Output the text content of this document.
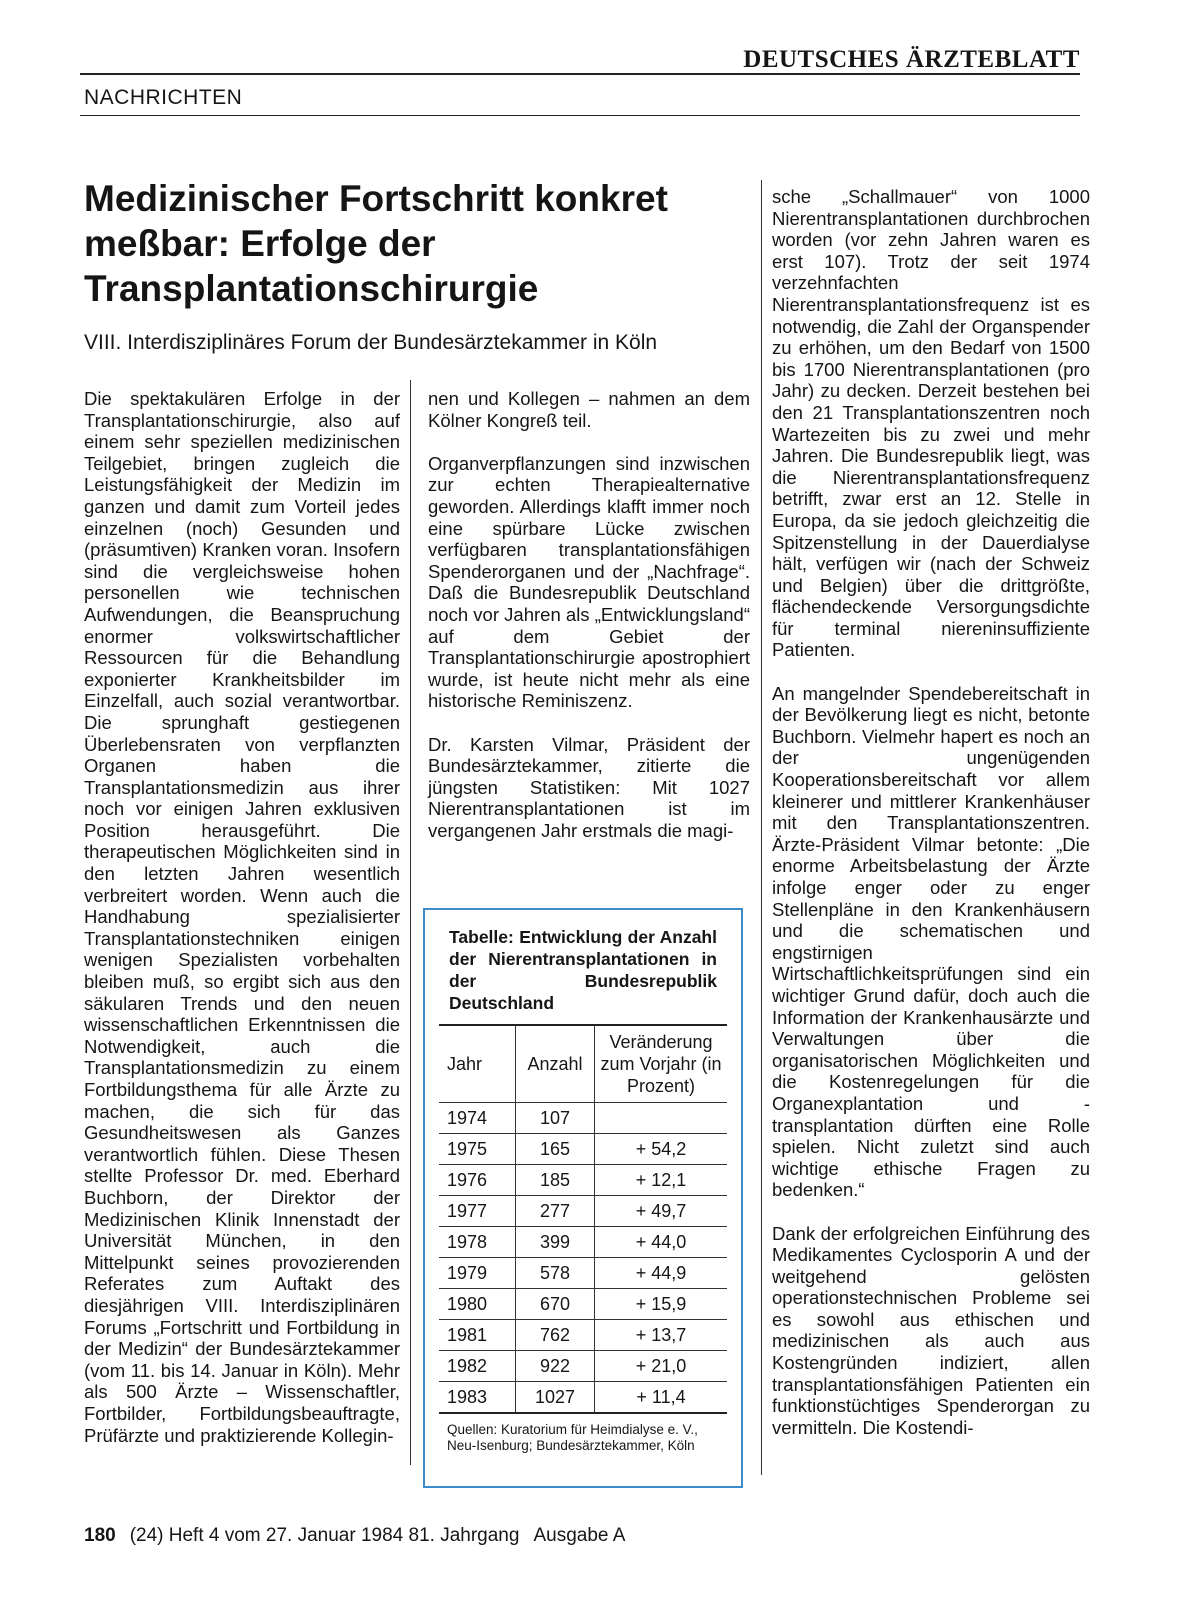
DEUTSCHES ÄRZTEBLATT
NACHRICHTEN
Medizinischer Fortschritt konkret meßbar: Erfolge der Transplantationschirurgie
VIII. Interdisziplinäres Forum der Bundesärztekammer in Köln

Die spektakulären Erfolge in der Transplantationschirurgie, also auf einem sehr speziellen medizinischen Teilgebiet, bringen zugleich die Leistungsfähigkeit der Medizin im ganzen und damit zum Vorteil jedes einzelnen (noch) Gesunden und (präsumtiven) Kranken voran. Insofern sind die vergleichsweise hohen personellen wie technischen Aufwendungen, die Beanspruchung enormer volkswirtschaftlicher Ressourcen für die Behandlung exponierter Krankheitsbilder im Einzelfall, auch sozial verantwortbar. Die sprunghaft gestiegenen Überlebensraten von verpflanzten Organen haben die Transplantationsmedizin aus ihrer noch vor einigen Jahren exklusiven Position herausgeführt. Die therapeutischen Möglichkeiten sind in den letzten Jahren wesentlich verbreitert worden. Wenn auch die Handhabung spezialisierter Transplantationstechniken einigen wenigen Spezialisten vorbehalten bleiben muß, so ergibt sich aus den säkularen Trends und den neuen wissenschaftlichen Erkenntnissen die Notwendigkeit, auch die Transplantationsmedizin zu einem Fortbildungsthema für alle Ärzte zu machen, die sich für das Gesundheitswesen als Ganzes verantwortlich fühlen. Diese Thesen stellte Professor Dr. med. Eberhard Buchborn, der Direktor der Medizinischen Klinik Innenstadt der Universität München, in den Mittelpunkt seines provozierenden Referates zum Auftakt des diesjährigen VIII. Interdisziplinären Forums „Fortschritt und Fortbildung in der Medizin“ der Bundesärztekammer (vom 11. bis 14. Januar in Köln). Mehr als 500 Ärzte – Wissenschaftler, Fortbilder, Fortbildungsbeauftragte, Prüfärzte und praktizierende Kollegin-

nen und Kollegen – nahmen an dem Kölner Kongreß teil.

Organverpflanzungen sind inzwischen zur echten Therapiealternative geworden. Allerdings klafft immer noch eine spürbare Lücke zwischen verfügbaren transplantationsfähigen Spenderorganen und der „Nachfrage“. Daß die Bundesrepublik Deutschland noch vor Jahren als „Entwicklungsland“ auf dem Gebiet der Transplantationschirurgie apostrophiert wurde, ist heute nicht mehr als eine historische Reminiszenz.

Dr. Karsten Vilmar, Präsident der Bundesärztekammer, zitierte die jüngsten Statistiken: Mit 1027 Nierentransplantationen ist im vergangenen Jahr erstmals die magi-

sche „Schallmauer“ von 1000 Nierentransplantationen durchbrochen worden (vor zehn Jahren waren es erst 107). Trotz der seit 1974 verzehnfachten Nierentransplantationsfrequenz ist es notwendig, die Zahl der Organspender zu erhöhen, um den Bedarf von 1500 bis 1700 Nierentransplantationen (pro Jahr) zu decken. Derzeit bestehen bei den 21 Transplantationszentren noch Wartezeiten bis zu zwei und mehr Jahren. Die Bundesrepublik liegt, was die Nierentransplantationsfrequenz betrifft, zwar erst an 12. Stelle in Europa, da sie jedoch gleichzeitig die Spitzenstellung in der Dauerdialyse hält, verfügen wir (nach der Schweiz und Belgien) über die drittgrößte, flächendeckende Versorgungsdichte für terminal niereninsuffiziente Patienten.

An mangelnder Spendebereitschaft in der Bevölkerung liegt es nicht, betonte Buchborn. Vielmehr hapert es noch an der ungenügenden Kooperationsbereitschaft vor allem kleinerer und mittlerer Krankenhäuser mit den Transplantationszentren. Ärzte-Präsident Vilmar betonte: „Die enorme Arbeitsbelastung der Ärzte infolge enger oder zu enger Stellenpläne in den Krankenhäusern und die schematischen und engstirnigen Wirtschaftlichkeitsprüfungen sind ein wichtiger Grund dafür, doch auch die Information der Krankenhausärzte und Verwaltungen über die organisatorischen Möglichkeiten und die Kostenregelungen für die Organexplantation und -transplantation dürften eine Rolle spielen. Nicht zuletzt sind auch wichtige ethische Fragen zu bedenken.“

Dank der erfolgreichen Einführung des Medikamentes Cyclosporin A und der weitgehend gelösten operationstechnischen Probleme sei es sowohl aus ethischen und medizinischen als auch aus Kostengründen indiziert, allen transplantationsfähigen Patienten ein funktionstüchtiges Spenderorgan zu vermitteln. Die Kostendi-

Tabelle: Entwicklung der Anzahl der Nierentransplantationen in der Bundesrepublik Deutschland
Jahr	Anzahl	Veränderung zum Vorjahr (in Prozent)
1974	107	
1975	165	+ 54,2
1976	185	+ 12,1
1977	277	+ 49,7
1978	399	+ 44,0
1979	578	+ 44,9
1980	670	+ 15,9
1981	762	+ 13,7
1982	922	+ 21,0
1983	1027	+ 11,4
Quellen: Kuratorium für Heimdialyse e. V., Neu-Isenburg; Bundesärztekammer, Köln
180 (24) Heft 4 vom 27. Januar 1984 81. Jahrgang Ausgabe A
